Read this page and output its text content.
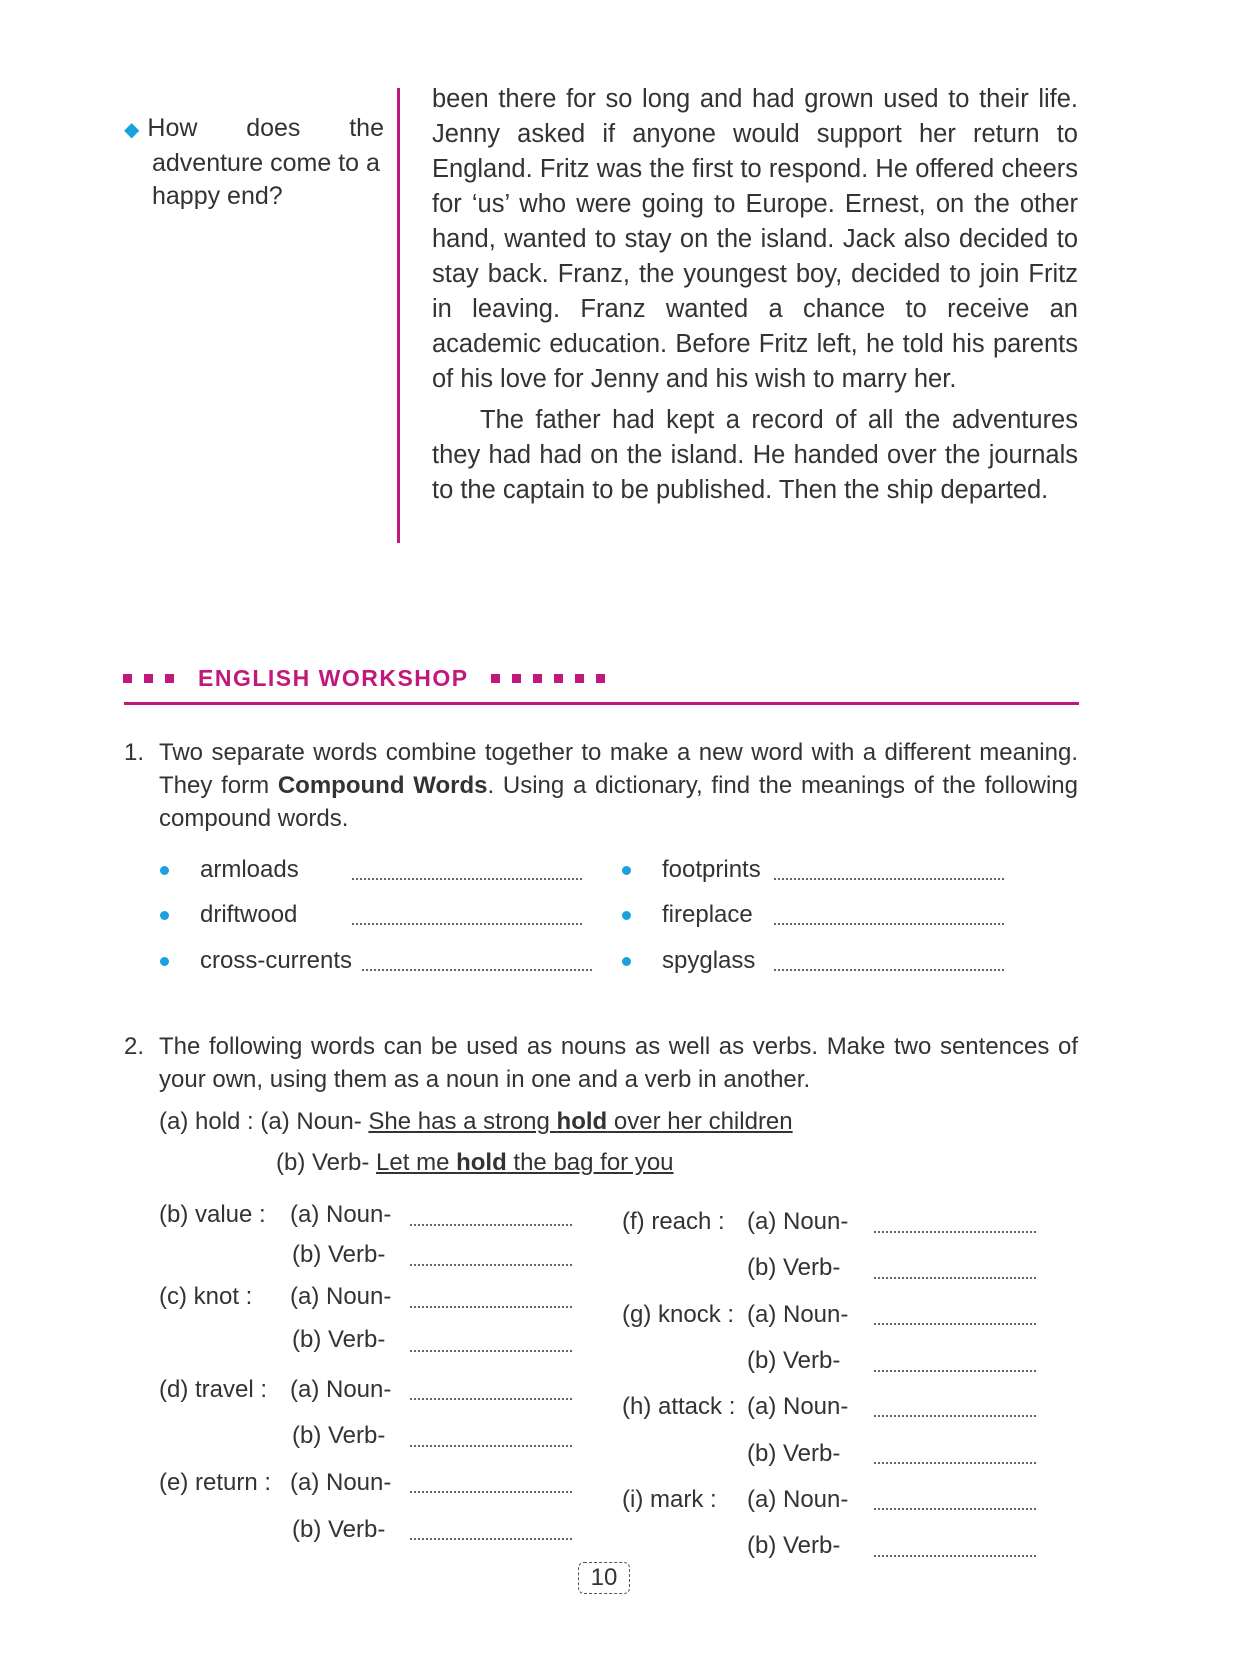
◆ How does the
adventure come to a
happy end?

been there for so long and had grown used to their life. Jenny asked if anyone would support her return to England. Fritz was the first to respond. He offered cheers for ‘us’ who were going to Europe. Ernest, on the other hand, wanted to stay on the island. Jack also decided to stay back. Franz, the youngest boy, decided to join Fritz in leaving. Franz wanted a chance to receive an academic education. Before Fritz left, he told his parents of his love for Jenny and his wish to marry her.

The father had kept a record of all the adventures they had had on the island. He handed over the journals to the captain to be published. Then the ship departed.

ENGLISH WORKSHOP
1. Two separate words combine together to make a new word with a different meaning. They form Compound Words. Using a dictionary, find the meanings of the following compound words.
armloads
driftwood
cross-currents
footprints
fireplace
spyglass
2. The following words can be used as nouns as well as verbs. Make two sentences of your own, using them as a noun in one and a verb in another.
(a) hold : (a) Noun- She has a strong hold over her children
(b) Verb- Let me hold the bag for you
(b) value : (a) Noun-
(b) Verb-
(c) knot : (a) Noun-
(b) Verb-
(d) travel : (a) Noun-
(b) Verb-
(e) return : (a) Noun-
(b) Verb-
(f) reach : (a) Noun-
(b) Verb-
(g) knock : (a) Noun-
(b) Verb-
(h) attack : (a) Noun-
(b) Verb-
(i) mark : (a) Noun-
(b) Verb-
10
